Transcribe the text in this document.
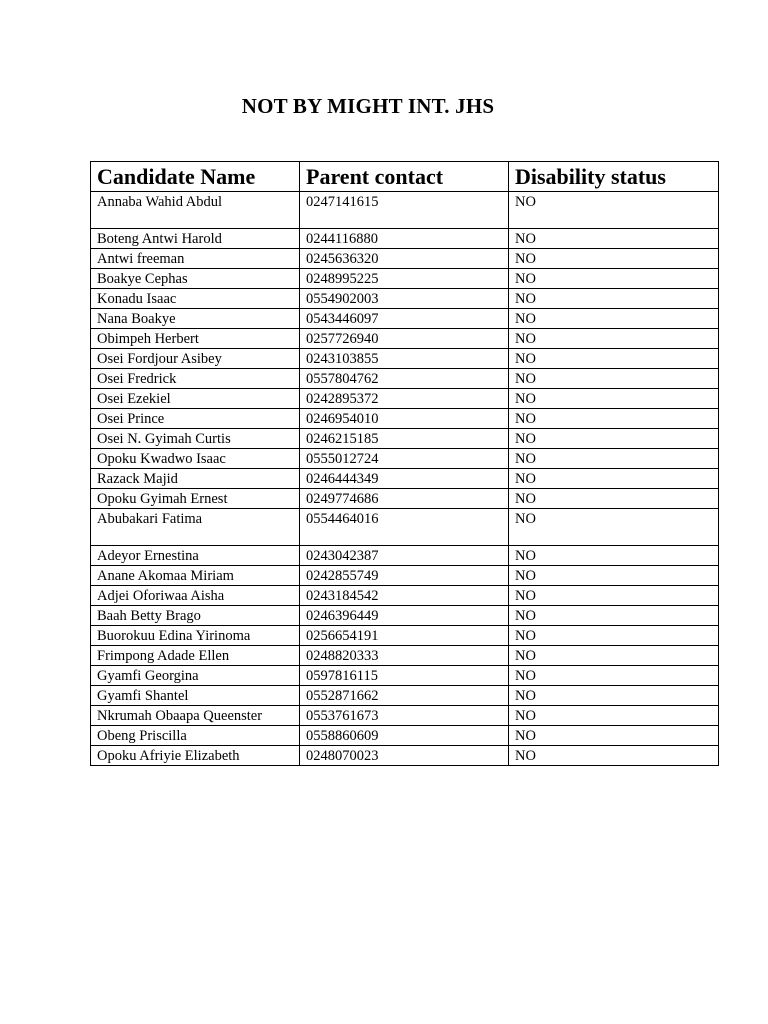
NOT BY MIGHT INT. JHS
Candidate Name	Parent contact	Disability status
Annaba Wahid Abdul	0247141615	NO
Boteng Antwi Harold	0244116880	NO
Antwi freeman	0245636320	NO
Boakye Cephas	0248995225	NO
Konadu Isaac	0554902003	NO
Nana Boakye	0543446097	NO
Obimpeh Herbert	0257726940	NO
Osei Fordjour Asibey	0243103855	NO
Osei Fredrick	0557804762	NO
Osei Ezekiel	0242895372	NO
Osei Prince	0246954010	NO
Osei N. Gyimah Curtis	0246215185	NO
Opoku Kwadwo Isaac	0555012724	NO
Razack Majid	0246444349	NO
Opoku Gyimah Ernest	0249774686	NO
Abubakari Fatima	0554464016	NO
Adeyor Ernestina	0243042387	NO
Anane Akomaa Miriam	0242855749	NO
Adjei Oforiwaa Aisha	0243184542	NO
Baah Betty Brago	0246396449	NO
Buorokuu Edina Yirinoma	0256654191	NO
Frimpong Adade Ellen	0248820333	NO
Gyamfi Georgina	0597816115	NO
Gyamfi Shantel	0552871662	NO
Nkrumah Obaapa Queenster	0553761673	NO
Obeng Priscilla	0558860609	NO
Opoku Afriyie Elizabeth	0248070023	NO
